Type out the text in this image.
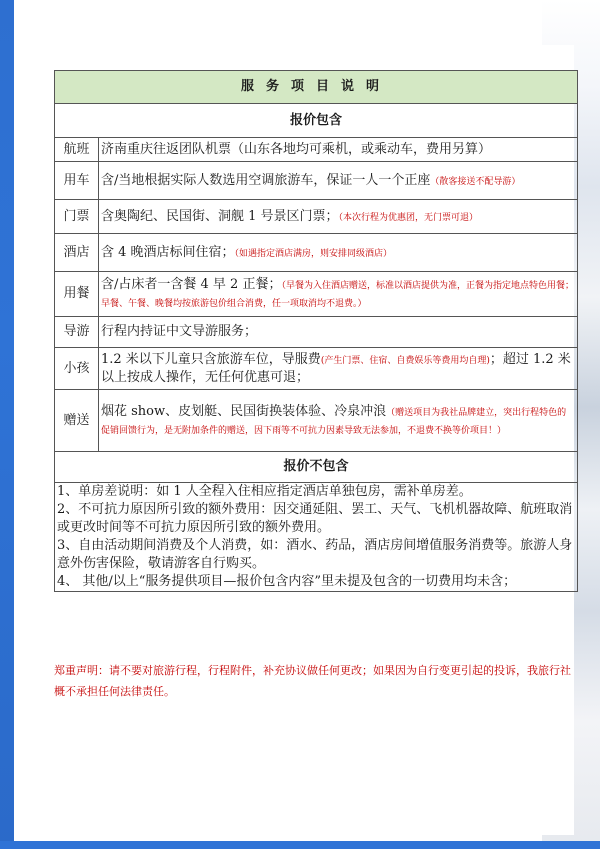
服务项目说明	
报价包含	
航班	济南重庆往返团队机票（山东各地均可乘机，或乘动车，费用另算）
用车	含/当地根据实际人数选用空调旅游车，保证一人一个正座（散客接送不配导游）
门票	含奥陶纪、民国街、洞舰 1 号景区门票；（本次行程为优惠团，无门票可退）
酒店	含 4 晚酒店标间住宿；（如遇指定酒店满房，则安排同级酒店）
用餐	含/占床者一含餐 4 早 2 正餐；（早餐为入住酒店赠送，标准以酒店提供为准，正餐为指定地点特色用餐；早餐、午餐、晚餐均按旅游包价组合消费，任一项取消均不退费。）
导游	行程内持证中文导游服务；
小孩	1.2 米以下儿童只含旅游车位，导服费(产生门票、住宿、自费娱乐等费用均自理)；超过 1.2 米以上按成人操作，无任何优惠可退；
赠送	烟花 show、皮划艇、民国街换装体验、冷泉冲浪（赠送项目为我社品牌建立，突出行程特色的促销回馈行为，是无附加条件的赠送，因下雨等不可抗力因素导致无法参加，不退费不换等价项目！）
报价不包含	

1、单房差说明：如 1 人全程入住相应指定酒店单独包房，需补单房差。
2、不可抗力原因所引致的额外费用：因交通延阻、罢工、天气、飞机机器故障、航班取消或更改时间等不可抗力原因所引致的额外费用。
3、自由活动期间消费及个人消费，如：酒水、药品，酒店房间增值服务消费等。旅游人身意外伤害保险，敬请游客自行购买。
4、 其他/以上“服务提供项目—报价包含内容”里未提及包含的一切费用均未含；	
郑重声明：请不要对旅游行程，行程附件，补充协议做任何更改；如果因为自行变更引起的投诉，我旅行社概不承担任何法律责任。
